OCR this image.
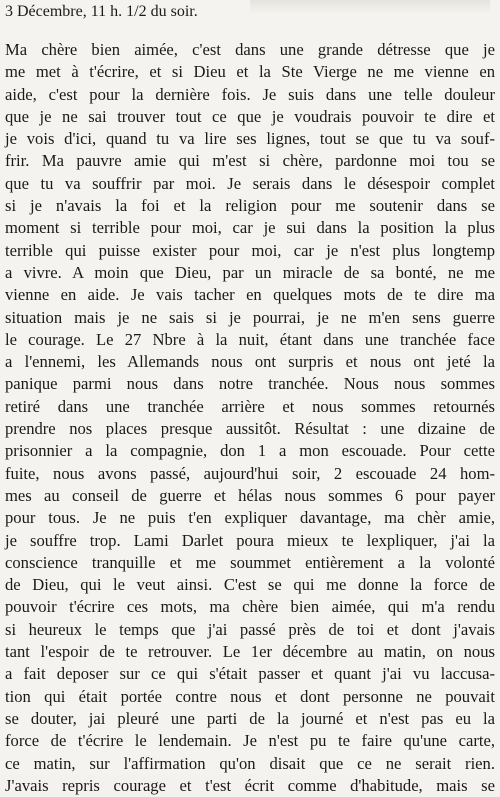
3 Décembre, 11 h. 1/2 du soir.
Ma chère bien aimée, c'est dans une grande détresse que je
me met à t'écrire, et si Dieu et la Ste Vierge ne me vienne en
aide, c'est pour la dernière fois. Je suis dans une telle douleur
que je ne sai trouver tout ce que je voudrais pouvoir te dire et
je vois d'ici, quand tu va lire ses lignes, tout se que tu va souf-
frir. Ma pauvre amie qui m'est si chère, pardonne moi tou se
que tu va souffrir par moi. Je serais dans le désespoir complet
si je n'avais la foi et la religion pour me soutenir dans se
moment si terrible pour moi, car je sui dans la position la plus
terrible qui puisse exister pour moi, car je n'est plus longtemp
a vivre. A moin que Dieu, par un miracle de sa bonté, ne me
vienne en aide. Je vais tacher en quelques mots de te dire ma
situation mais je ne sais si je pourrai, je ne m'en sens guerre
le courage. Le 27 Nbre à la nuit, étant dans une tranchée face
a l'ennemi, les Allemands nous ont surpris et nous ont jeté la
panique parmi nous dans notre tranchée. Nous nous sommes
retiré dans une tranchée arrière et nous sommes retournés
prendre nos places presque aussitôt. Résultat : une dizaine de
prisonnier a la compagnie, don 1 a mon escouade. Pour cette
fuite, nous avons passé, aujourd'hui soir, 2 escouade 24 hom-
mes au conseil de guerre et hélas nous sommes 6 pour payer
pour tous. Je ne puis t'en expliquer davantage, ma chèr amie,
je souffre trop. Lami Darlet poura mieux te lexpliquer, j'ai la
conscience tranquille et me soummet entièrement a la volonté
de Dieu, qui le veut ainsi. C'est se qui me donne la force de
pouvoir t'écrire ces mots, ma chère bien aimée, qui m'a rendu
si heureux le temps que j'ai passé près de toi et dont j'avais
tant l'espoir de te retrouver. Le 1er décembre au matin, on nous
a fait deposer sur ce qui s'était passer et quant j'ai vu laccusa-
tion qui était portée contre nous et dont personne ne pouvait
se douter, jai pleuré une parti de la journé et n'est pas eu la
force de t'écrire le lendemain. Je n'est pu te faire qu'une carte,
ce matin, sur l'affirmation qu'on disait que ce ne serait rien.
J'avais repris courage et t'est écrit comme d'habitude, mais se
